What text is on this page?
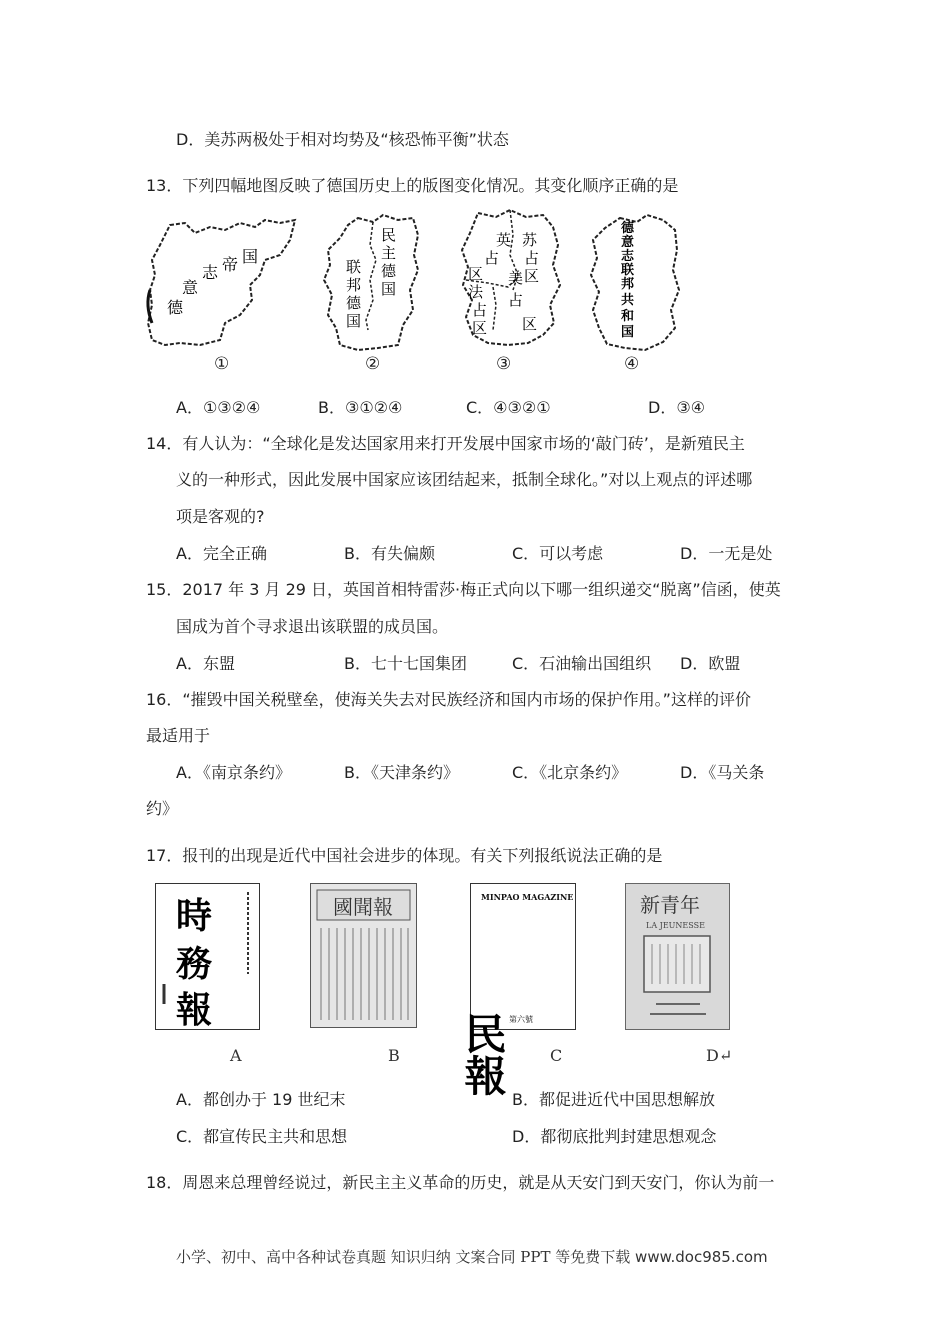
D．美苏两极处于相对均势及“核恐怖平衡”状态
13．下列四幅地图反映了德国历史上的版图变化情况。其变化顺序正确的是
德
意
志 帝 国
①
民
主
德
国
联
邦
德
国
②
英
占
区
苏
占
区
美
占
区
法
占
区
③
德
意
志
联
邦
共
和
国
④
A．①③②④	B．③①②④	C．④③②①	D．③④
14．有人认为：“全球化是发达国家用来打开发展中国家市场的‘敲门砖’，是新殖民主
义的一种形式，因此发展中国家应该团结起来，抵制全球化。”对以上观点的评述哪
项是客观的?
A．完全正确	B．有失偏颇	C．可以考虑	D．一无是处
15．2017 年 3 月 29 日，英国首相特雷莎·梅正式向以下哪一组织递交“脱离”信函，使英
国成为首个寻求退出该联盟的成员国。
A．东盟	B．七十七国集团	C．石油输出国组织 D．欧盟
16．“摧毁中国关税壁垒，使海关失去对民族经济和国内市场的保护作用。”这样的评价
最适用于
A．《南京条约》	B．《天津条约》	C．《北京条约》	D．《马关条
约》
17．报刊的出现是近代中国社会进步的体现。有关下列报纸说法正确的是
時
務
報
A
國聞報
B
MINPAO MAGAZINE
民報 第六號
C
新青年
LA JEUNESSE
D↵
A．都创办于 19 世纪末	B．都促进近代中国思想解放
C．都宣传民主共和思想	D．都彻底批判封建思想观念
18．周恩来总理曾经说过，新民主主义革命的历史，就是从天安门到天安门，你认为前一
小学、初中、高中各种试卷真题 知识归纳 文案合同 PPT 等免费下载 www.doc985.com
